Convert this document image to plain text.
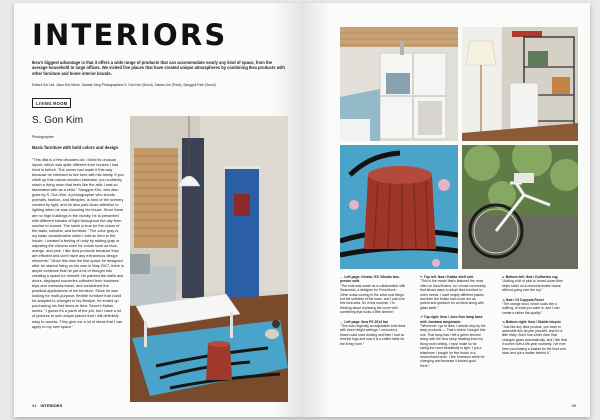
INTERIORS
Ikea's biggest advantage is that it offers a wide range of products that can accommodate nearly any kind of space, from the average household to large offices. We visited five places that have created unique atmospheres by combining Ikea products with other furniture and home interior brands.
Editors Sol Lee, Jisun Kim Wheu, Sarada Yang Photographers S. Gon Kim (Seoul), Taiwan Lim (Paris), Sangguk Park (Seoul)
LIVING ROOM
S. Gon Kim
Photographer
Basic furniture with bold colors and design
"This villa is a few decades old. I liked its unusual layout, which was quite different from houses I had lived in before. The owner had made it this way because he intended to live here with his family. If you climb up this narrow wooden staircase, you suddenly reach a living room that feels like the attic I was so fascinated with as a child." Sangguk Kim, who also goes by S. Gon Kim, a photographer who shoots portraits, fashion, and lifestyles, is fond of the scenery created by light, and he also paid close attention to lighting when he was choosing his house. Since there are no high buildings in the vicinity, he is presented with different streaks of light throughout the day from sunrise to sunset. The same is true for the colors of the walls, curtains, and furniture. "The color gray is my basic consideration when I add an item to the house. I created a feeling of unity by adding gray or adjusting the chroma even for colors such as blue, orange, and pink. I like Ikea products because they are efficient and don't have any extraneous design elements." Since this was the first space he designed after he started living on his own in May 2017, there is ample evidence that he put a lot of thought into creating a space for himself. He painted the walls and doors, displayed souvenirs collected from business trips and overseas travel, and considered the practical applications of his furniture. Since he was looking for multi-purpose, flexible furniture that could be adapted to changes in his lifestyle, he ended up purchasing his first items at Ikea. Seoul's Kallax series. "I guess it's a parth of the job, but I have a lot of pictures to sort unique places that I will definitely easy to access. They give me a lot of ideas that I can apply to my own space."
94 INTERIORS

← Left page: Kivsta / EC Vibrato two-person sofa
"The sofa was made as a collaboration with Swarovski, a designer for Frenchlove. Other sofas coming in the sofar-mat things but the softness of the foam, and I just love this Ikea sofa. So in the summer, I'm thinking about replacing the cover with something that looks a little sleeker."

← Left page: Ikea PS 2014 fan
"This was originally an adjustable bold desk with three height settings. I removed a brace roast once dealing and then I had so that the legs and now it is a coffee table for the living room."

↖ Top left: Ikea / Kallax shelf unit
"This is the model that's featured the most often on Ikea flickers, so I chose community that allows ways to adopt Ikea furniture to one's needs. I have simply different places and then the Kallax had a size are as parent and question for an ideal along with glass table."

↗ Top right: Ikea / Jonv Kon lamp base with Jumbara lampshade
"Whenever I go to Ikea, I almost stop by the lamp products — That's where I bought this one. That lamp has I felt a green chrome along with the floor lamp heading from my living room ceiling. I must make so for sizing the room beautifully to light. I put a telephone I bought for five bucks in a secondhand store. I like Kimmons white for changing and because it looked good there."

↙ Bottom left: Ikea / Dufforsko rug
"Adding a bit of pink to forced-down blue helps solve on a monochromatic house without going over the top."

↘ Ikea / Of Cuppola Rosel
"The orange stool, which looks like a bullfrog, is what you want in, and I can create a rather flat quality."

↘ Bottom right: Ikea / Skalde bicycle
"Just like any Ikea product, you have to assemble this bicycle yourself, and it's a little tricky. But it has a belt drive that changes gears automatically, and I like that it comes with a life-year warranty. I've ever been purchasing a basket for the front and back and put a matter behind it."

95
